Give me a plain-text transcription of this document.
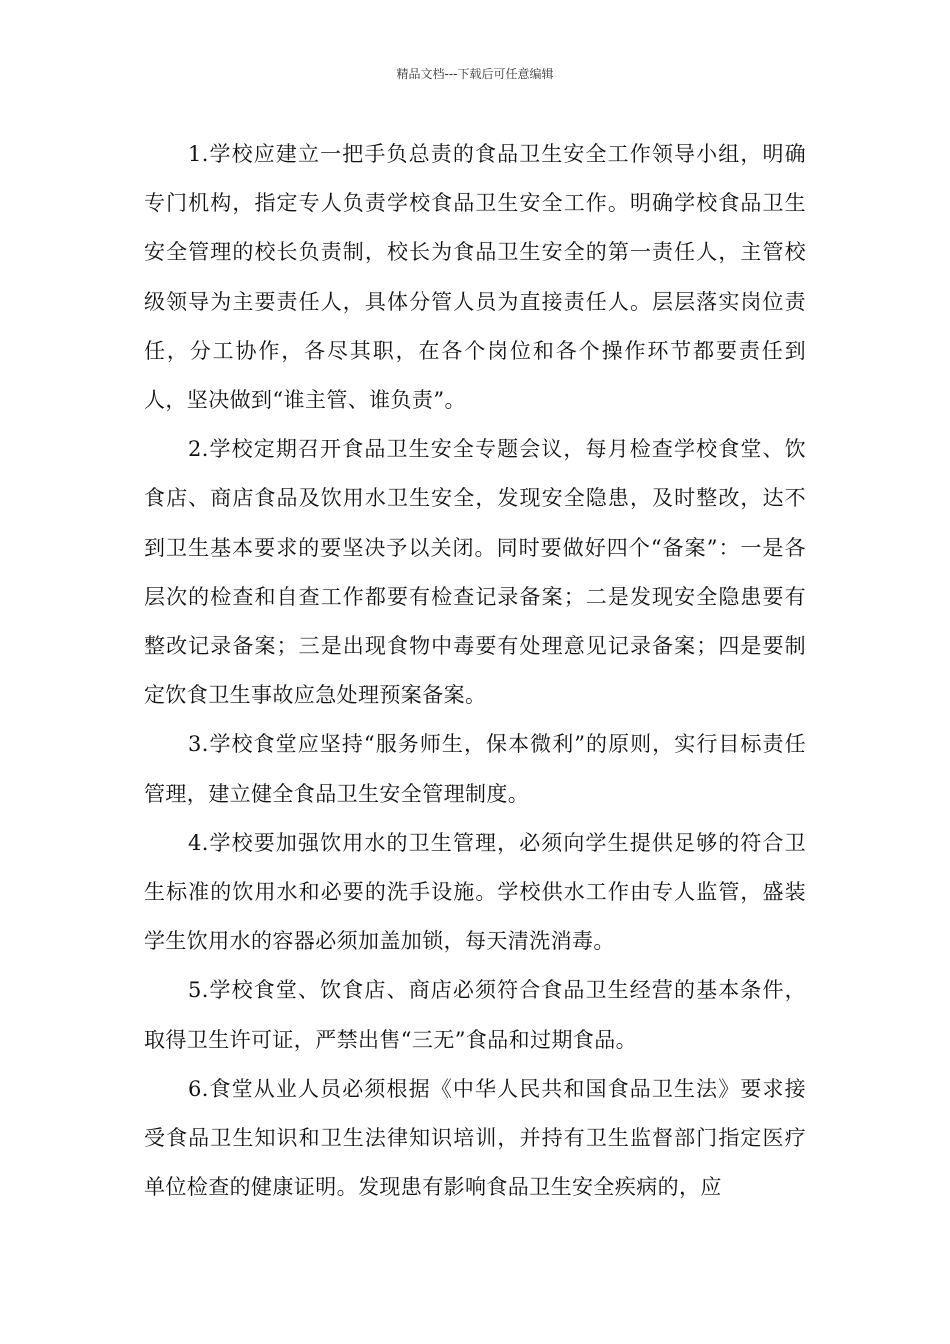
精品文档---下载后可任意编辑

1.学校应建立一把手负总责的食品卫生安全工作领导小组，明确专门机构，指定专人负责学校食品卫生安全工作。明确学校食品卫生安全管理的校长负责制，校长为食品卫生安全的第一责任人，主管校级领导为主要责任人，具体分管人员为直接责任人。层层落实岗位责任，分工协作，各尽其职，在各个岗位和各个操作环节都要责任到人，坚决做到“谁主管、谁负责”。

2.学校定期召开食品卫生安全专题会议，每月检查学校食堂、饮食店、商店食品及饮用水卫生安全，发现安全隐患，及时整改，达不到卫生基本要求的要坚决予以关闭。同时要做好四个“备案”：一是各层次的检查和自查工作都要有检查记录备案；二是发现安全隐患要有整改记录备案；三是出现食物中毒要有处理意见记录备案；四是要制定饮食卫生事故应急处理预案备案。

3.学校食堂应坚持“服务师生，保本微利”的原则，实行目标责任管理，建立健全食品卫生安全管理制度。

4.学校要加强饮用水的卫生管理，必须向学生提供足够的符合卫生标准的饮用水和必要的洗手设施。学校供水工作由专人监管，盛装学生饮用水的容器必须加盖加锁，每天清洗消毒。

5.学校食堂、饮食店、商店必须符合食品卫生经营的基本条件，取得卫生许可证，严禁出售“三无”食品和过期食品。

6.食堂从业人员必须根据《中华人民共和国食品卫生法》要求接受食品卫生知识和卫生法律知识培训，并持有卫生监督部门指定医疗单位检查的健康证明。发现患有影响食品卫生安全疾病的，应
